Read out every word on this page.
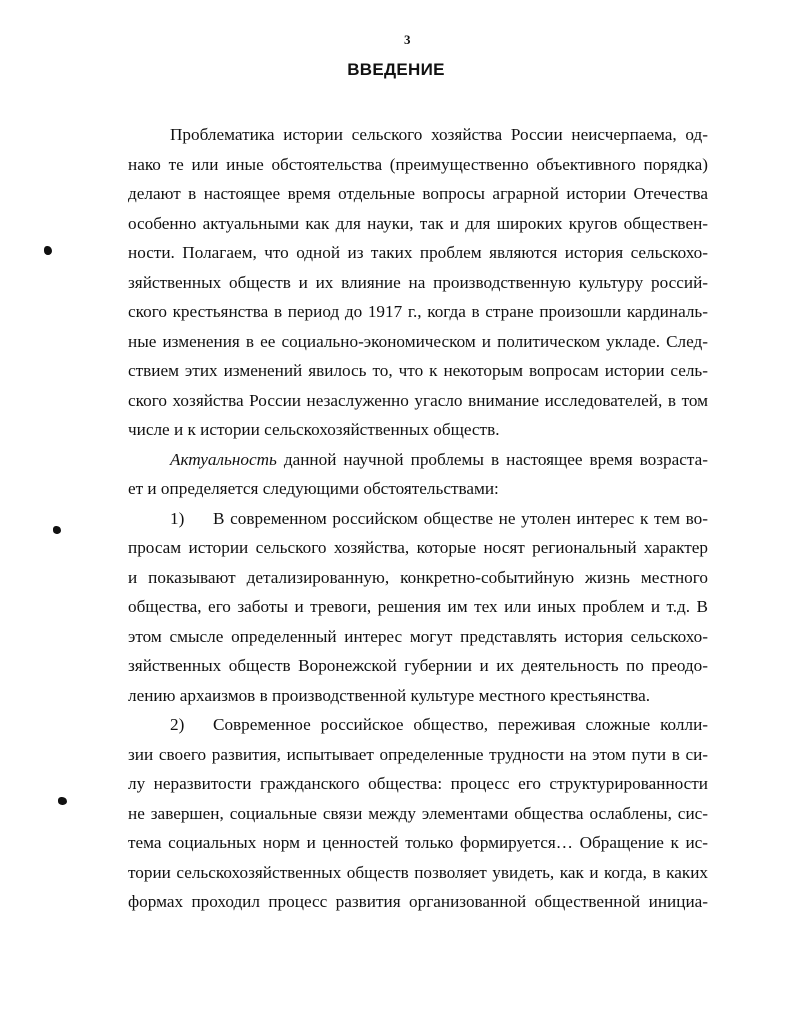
3
ВВЕДЕНИЕ
Проблематика истории сельского хозяйства России неисчерпаема, од-
нако те или иные обстоятельства (преимущественно объективного порядка)
делают в настоящее время отдельные вопросы аграрной истории Отечества
особенно актуальными как для науки, так и для широких кругов обществен-
ности. Полагаем, что одной из таких проблем являются история сельскохо-
зяйственных обществ и их влияние на производственную культуру россий-
ского крестьянства в период до 1917 г., когда в стране произошли кардиналь-
ные изменения в ее социально-экономическом и политическом укладе. След-
ствием этих изменений явилось то, что к некоторым вопросам истории сель-
ского хозяйства России незаслуженно угасло внимание исследователей, в том
числе и к истории сельскохозяйственных обществ.
Актуальность данной научной проблемы в настоящее время возраста-
ет и определяется следующими обстоятельствами:
1) В современном российском обществе не утолен интерес к тем во-
просам истории сельского хозяйства, которые носят региональный характер
и показывают детализированную, конкретно-событийную жизнь местного
общества, его заботы и тревоги, решения им тех или иных проблем и т.д. В
этом смысле определенный интерес могут представлять история сельскохо-
зяйственных обществ Воронежской губернии и их деятельность по преодо-
лению архаизмов в производственной культуре местного крестьянства.
2) Современное российское общество, переживая сложные колли-
зии своего развития, испытывает определенные трудности на этом пути в си-
лу неразвитости гражданского общества: процесс его структурированности
не завершен, социальные связи между элементами общества ослаблены, сис-
тема социальных норм и ценностей только формируется… Обращение к ис-
тории сельскохозяйственных обществ позволяет увидеть, как и когда, в каких
формах проходил процесс развития организованной общественной инициа-
